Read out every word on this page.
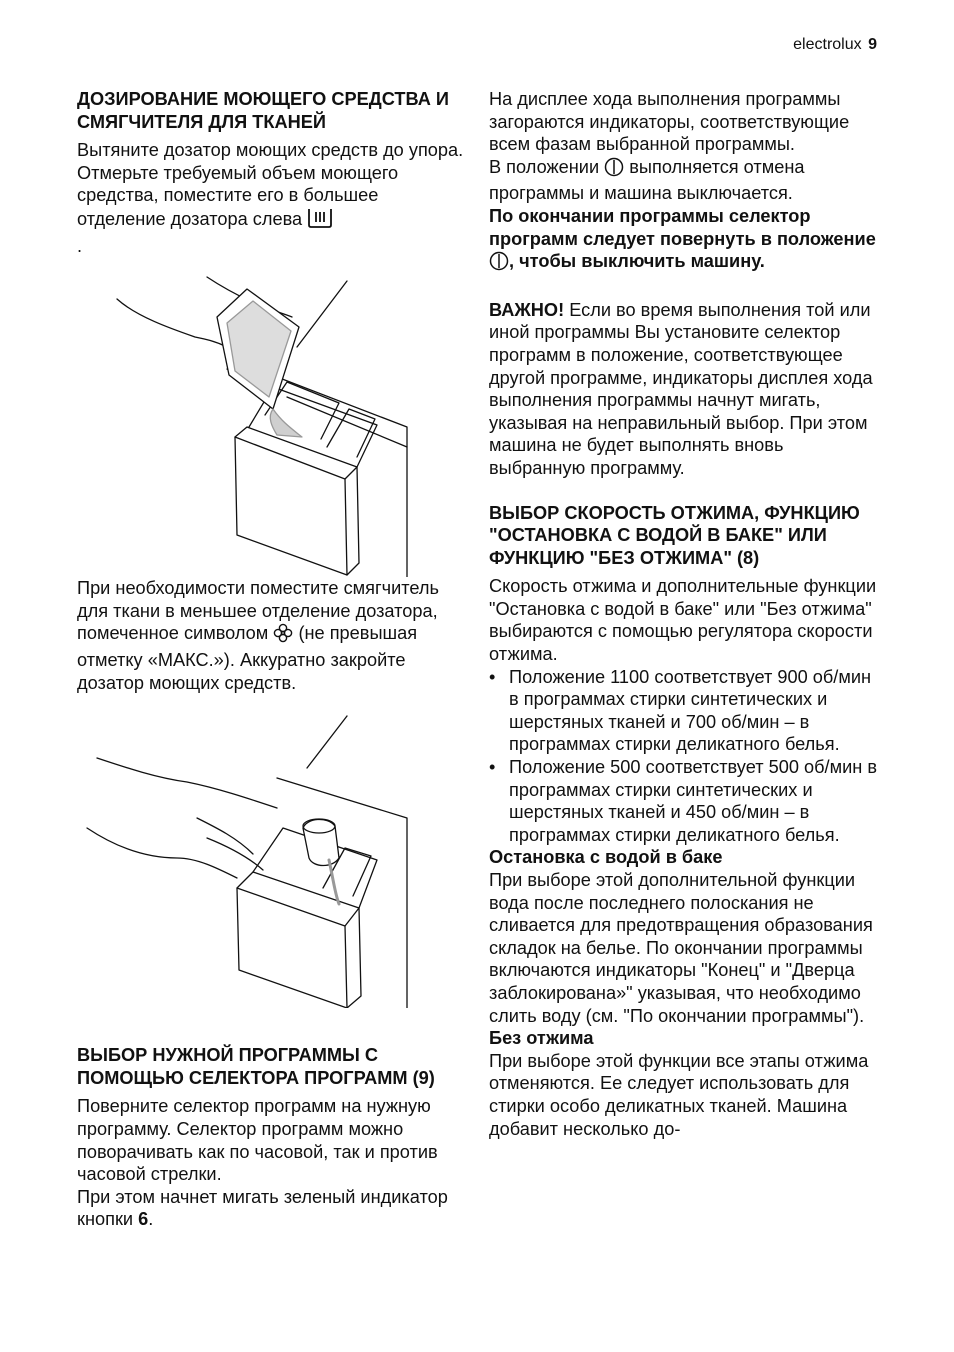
electrolux 9
ДОЗИРОВАНИЕ МОЮЩЕГО СРЕДСТВА И СМЯГЧИТЕЛЯ ДЛЯ ТКАНЕЙ

Вытяните дозатор моющих средств до упора. Отмерьте требуемый объем моющего средства, поместите его в большее отделение дозатора слева
.

При необходимости поместите смягчитель для ткани в меньшее отделение дозатора, помеченное символом (не превышая отметку «МАКС.»). Аккуратно закройте дозатор моющих средств.

ВЫБОР НУЖНОЙ ПРОГРАММЫ С ПОМОЩЬЮ СЕЛЕКТОРА ПРОГРАММ (9)

Поверните селектор программ на нужную программу. Селектор программ можно поворачивать как по часовой, так и против часовой стрелки.

При этом начнет мигать зеленый индикатор кнопки 6.

На дисплее хода выполнения программы загораются индикаторы, соответствующие всем фазам выбранной программы.

В положении выполняется отмена программы и машина выключается.

По окончании программы селектор программ следует повернуть в положение , чтобы выключить машину.

ВАЖНО! Если во время выполнения той или иной программы Вы установите селектор программ в положение, соответствующее другой программе, индикаторы дисплея хода выполнения программы начнут мигать, указывая на неправильный выбор. При этом машина не будет выполнять вновь выбранную программу.

ВЫБОР СКОРОСТЬ ОТЖИМА, ФУНКЦИЮ "ОСТАНОВКА С ВОДОЙ В БАКЕ" ИЛИ ФУНКЦИЮ "БЕЗ ОТЖИМА" (8)

Скорость отжима и дополнительные функции "Остановка с водой в баке" или "Без отжима" выбираются с помощью регулятора скорости отжима.

• Положение 1100 соответствует 900 об/мин в программах стирки синтетических и шерстяных тканей и 700 об/мин – в программах стирки деликатного белья.
• Положение 500 соответствует 500 об/мин в программах стирки синтетических и шерстяных тканей и 450 об/мин – в программах стирки деликатного белья.

Остановка с водой в баке

При выборе этой дополнительной функции вода после последнего полоскания не сливается для предотвращения образования складок на белье. По окончании программы включаются индикаторы "Конец" и "Дверца заблокирована»" указывая, что необходимо слить воду (см. "По окончании программы").

Без отжима

При выборе этой функции все этапы отжима отменяются. Ее следует использовать для стирки особо деликатных тканей. Машина добавит несколько до-
